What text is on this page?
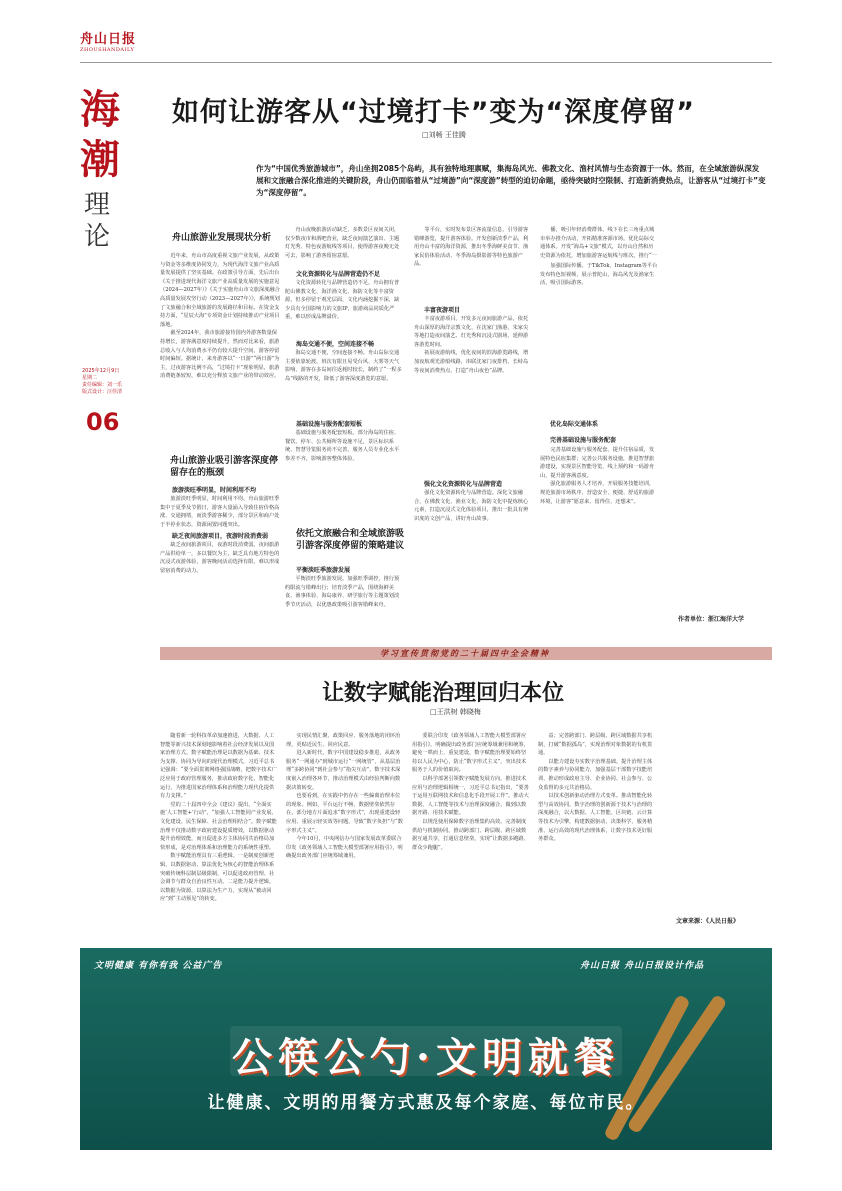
舟山日报
ZHOUSHANDAILY
海
潮
理
论
2025年12月9日
星期二
责任编辑：刘一乐
版式设计：汪佳清
06
如何让游客从“过境打卡”变为“深度停留”
□刘畅 王佳腾
作为“中国优秀旅游城市”，舟山坐拥2085个岛屿，具有独特地理禀赋，集海岛风光、佛教文化、渔村风情与生态资源于一体。然而，在全域旅游纵深发展和文旅融合深化推进的关键阶段，舟山仍面临着从“过境游”向“深度游”转型的迫切命题，亟待突破时空限制、打造新消费热点，让游客从“过境打卡”变为“深度停留”。
舟山旅游业发展现状分析

近年来，舟山市高度重视文旅产业发展，从政策与资金等多维度协同发力，为现代海洋文旅产业高质量发展提供了坚实基础。在政策引导方面，先后出台《关于推进现代海洋文旅产业高质量发展的实施意见（2024—2027年）》《关于实施舟山市文旅深度融合高质量发展攻坚行动（2023—2027年）》，系统规划了文旅融合和全域旅游的发展路径和目标。在资金支持方面，“星辰大海”专项资金计划持续推动产业项目落地。

截至2024年，我市旅游接待国内外游客数量保持增长，游客满意度持续提升。然而对比来看，旅游总收入与人均消费水平仍有较大提升空间，游客停留时间偏短。据统计，来舟游客以“一日游”“两日游”为主，过夜游客比例不高，“过境打卡”现象明显，旅游消费链条较短，难以充分释放文旅产业的带动效应。

舟山旅游业吸引游客深度停留存在的瓶颈
旅游淡旺季明显，时间利用不均

旅游淡旺季明显，时间利用不均。舟山旅游旺季集中于夏季及节假日，游客大量涌入导致住宿价格高涨、交通拥堵，而淡季游客稀少，部分景区和商户处于半停业状态，资源闲置问题突出。

缺乏夜间旅游项目，夜游时段消费弱

缺乏夜间旅游项目，夜游时段消费弱。夜间旅游产品供给单一，多以餐饮为主，缺乏具有地方特色的沉浸式夜游体验，游客晚间活动选择有限，难以形成留宿消费的动力。

舟山夜晚旅游活动缺乏，多数景区夜间关闭，仅少数夜市和酒吧营业，缺乏夜间演艺演出、主题灯光秀、特色夜游航线等项目，使得游客夜晚无处可去，影响了游客留宿意愿。

文化资源转化与品牌营造仍不足

文化资源转化与品牌营造仍不足。舟山拥有普陀山佛教文化、海洋渔文化、海防文化等丰富资源，但多停留于观光层面，文化内涵挖掘不深，缺少具有全国影响力的文旅IP，旅游商品同质化严重，难以形成品牌溢价。

海岛交通不便，空间连接不畅

海岛交通不便，空间连接不畅。舟山岛际交通主要依靠轮渡，班次有限且易受台风、大雾等天气影响，游客在多岛间往返耗时较长，制约了“一程多岛”线路的开发，降低了游客深度游览的意愿。

基础设施与服务配套短板

基础设施与服务配套短板。部分海岛的住宿、餐饮、停车、公共厕所等设施不足，景区标识系统、智慧导览服务尚不完善，服务人员专业化水平参差不齐，影响游客整体体验。

依托文旅融合和全域旅游吸引游客深度停留的策略建议
平衡淡旺季旅游发展

平衡淡旺季旅游发展。加强旺季调控，推行预约限流与错峰出行；培育淡季产品，围绕海鲜美食、渔事体验、海岛康养、研学旅行等主题策划淡季节庆活动，以优惠政策吸引游客错峰来舟。

等平台，实时发布景区客流量信息，引导游客错峰游览，提升游客体验。开发创新淡季产品，利用舟山丰富的海洋资源，推出冬季海鲜美食节、渔家民俗体验活动、冬季海岛摄影游等特色旅游产品。

丰富夜游项目

丰富夜游项目。开发多元夜间旅游产品，依托舟山深厚的海洋宗教文化、在沈家门渔港、朱家尖等地打造夜间演艺、灯光秀和沉浸式剧场，延伸游客游览时间。

拓展夜游航线，优化夜间的滨海游览路线，增加夜航观光游船线路，串联沈家门夜排档、长峙岛等夜间消费热点，打造“舟山夜色”品牌。

强化文化资源转化与品牌营造

强化文化资源转化与品牌营造。深化文旅融合，在佛教文化、渔业文化、海防文化中提炼核心元素，打造沉浸式文化体验项目，推出一批具有辨识度的文创产品，讲好舟山故事。

播，吸引年轻消费群体，线下在长三角重点城市举办推介活动，开拓精准客源市场。优化岛际交通体系。开发“海岛+文旅”模式，以舟山自然和历史资源为依托，增加旅游客运航线与班次，推行“一

优化岛际交通体系

加强国际传播。于TikTok、Instagram等平台发布特色短视频，展示普陀山、海岛风光及渔家生活，吸引国际游客。

完善基础设施与服务配套

完善基础设施与服务配套。提升住宿品质，发展特色民宿集群；完善公共服务设施，推进智慧旅游建设，实现景区智能导览、线上预约和一码游舟山，提升游客满意度。

强化旅游服务人才培养，开展服务技能培训，规范旅游市场秩序，营造安全、便捷、舒适的旅游环境，让游客“愿意来、留得住、还想来”。

作者单位：浙江海洋大学
学习宣传贯彻党的二十届四中全会精神
让数字赋能治理回归本位
□王洪树 韩晓梅

随着新一轮科技革命加速推进，大数据、人工智能等新兴技术深刻地影响着社会经济发展以及国家治理方式。数字赋能治理是以数据为基础、技术为支撑、协同为导向的现代治理模式，习近平总书记强调：“要全面贯彻网络强国战略，把数字技术广泛应用于政府管理服务，推动政府数字化、智能化运行，为推进国家治理体系和治理能力现代化提供有力支撑。”

党的二十届四中全会《建议》提出，“全面实施‘人工智能+’行动”，“加强人工智能同产业发展、文化建设、民生保障、社会治理相结合”。数字赋能治理不仅推动数字政府建设提质增效，以数据驱动提升治理效能，而且促进多方主体协同共治格局加快形成，是对治理体系和治理能力的系统性重塑。

数字赋能治理具有三重逻辑。一是制度创新逻辑，以数据驱动、算法优化为核心的智能治理体系突破传统科层制层级限制，可以促进政府管理、社会调节与群众自治良性互动。二是能力提升逻辑，以数据为资源，以算法为生产力，实现从“被动回应”到“主动预见”的转变。

实现民情汇聚、政策回应、服务落地的闭环治理，更贴近民生、回应民意。

进入新时代，数字中国建设稳步推进，从政务服务“一网通办”到城市运行“一网统管”，从基层治理“多跨协同”到社会参与“指尖互动”，数字技术深度嵌入治理各环节，推动治理模式由经验判断向数据决策转变。

也要看到，在实践中仍存在一些偏离治理本位的现象。例如，平台运行不畅、数据壁垒依然存在，部分地方片面追求“数字形式”，出现重建设轻应用、重展示轻实效等问题，导致“数字负担”与“数字形式主义”。

今年10月，中央网信办与国家发展改革委联合印发《政务领域人工智能大模型部署应用指引》，明确提出政务部门应统筹域兼用。

委联合印发《政务领域人工智能大模型部署应用指引》，明确提出政务部门应统筹域兼用和统筹，避免一哄而上、重复建设。数字赋能治理要始终坚持以人民为中心，防止“数字形式主义”，突出技术服务于人的价值取向。

以科学部署引领数字赋能发展方向。推进技术应用与治理逻辑相统一，习近平总书记指出，“要善于运用互联网技术和信息化手段开展工作”。推动大数据、人工智能等技术与治理深度融合，做到以数据开路、用技术赋能。

以规范使用保障数字治理集约高效，完善制度供给与机制协同。推动跨部门、跨层级、跨区域数据互通共享，打通信息壁垒，实现“让数据多跑路、群众少跑腿”。

益；完善跨部门、跨层级、跨区域数据共享机制，打破“数据孤岛”，实现治理对象数据的有机贯通。

以能力建设夯实数字治理基础。提升治理主体的数字素养与协同能力，加强基层干部数字技能培训，推动形成政府主导、企业协同、社会参与、公众监督的多元共治格局。

以技术创新驱动治理方式变革。推动智能化转型与高效协同，数字治理的创新源于技术与治理的深度融合，以大数据、人工智能、区块链、云计算等技术为引擎，构建数据驱动、决策科学、服务精准、运行高效的现代治理体系，让数字技术更好服务群众。

文章来源：《人民日报》
文明健康 有你有我 公益广告	舟山日报 舟山日报设计作品
公筷公勺·文明就餐
让健康、文明的用餐方式惠及每个家庭、每位市民。
